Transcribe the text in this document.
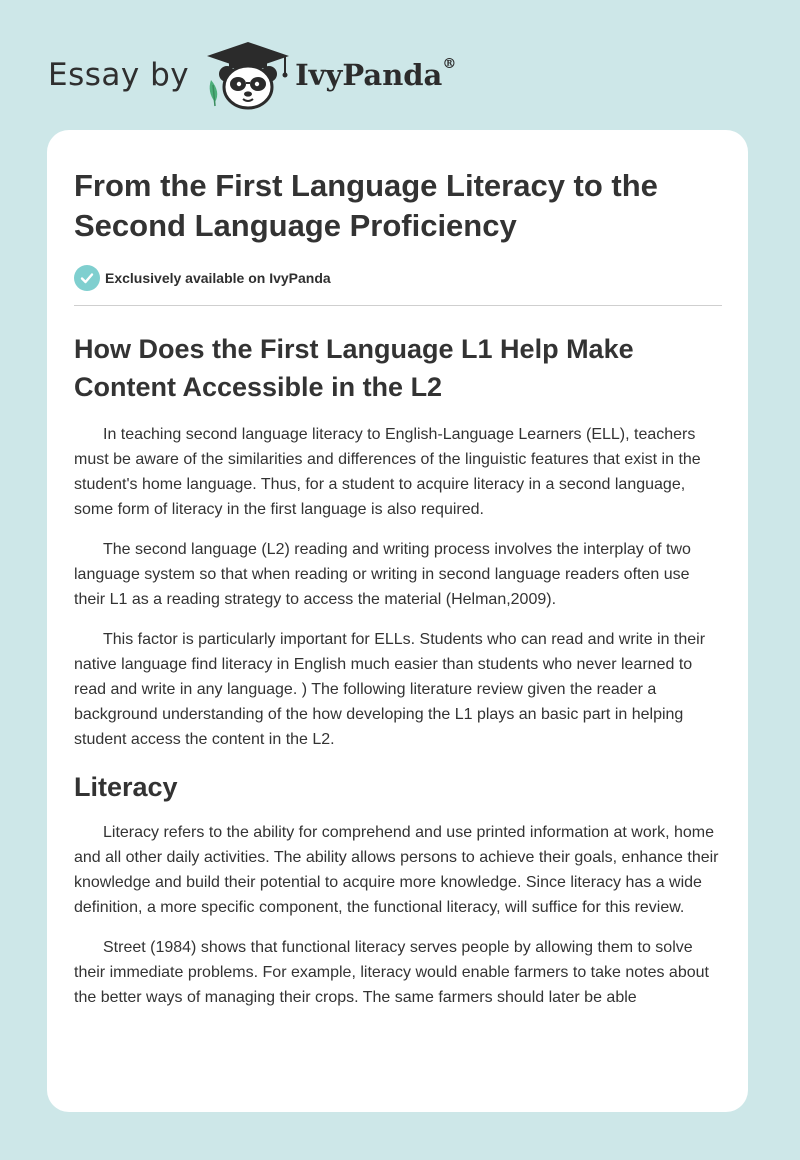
Essay by	IvyPanda®
From the First Language Literacy to the Second Language Proficiency
Exclusively available on IvyPanda
How Does the First Language L1 Help Make Content Accessible in the L2

In teaching second language literacy to English-Language Learners (ELL), teachers must be aware of the similarities and differences of the linguistic features that exist in the student's home language. Thus, for a student to acquire literacy in a second language, some form of literacy in the first language is also required.

The second language (L2) reading and writing process involves the interplay of two language system so that when reading or writing in second language readers often use their L1 as a reading strategy to access the material (Helman,2009).

This factor is particularly important for ELLs. Students who can read and write in their native language find literacy in English much easier than students who never learned to read and write in any language. ) The following literature review given the reader a background understanding of the how developing the L1 plays an basic part in helping student access the content in the L2.

Literacy

Literacy refers to the ability for comprehend and use printed information at work, home and all other daily activities. The ability allows persons to achieve their goals, enhance their knowledge and build their potential to acquire more knowledge. Since literacy has a wide definition, a more specific component, the functional literacy, will suffice for this review.

Street (1984) shows that functional literacy serves people by allowing them to solve their immediate problems. For example, literacy would enable farmers to take notes about the better ways of managing their crops. The same farmers should later be able
